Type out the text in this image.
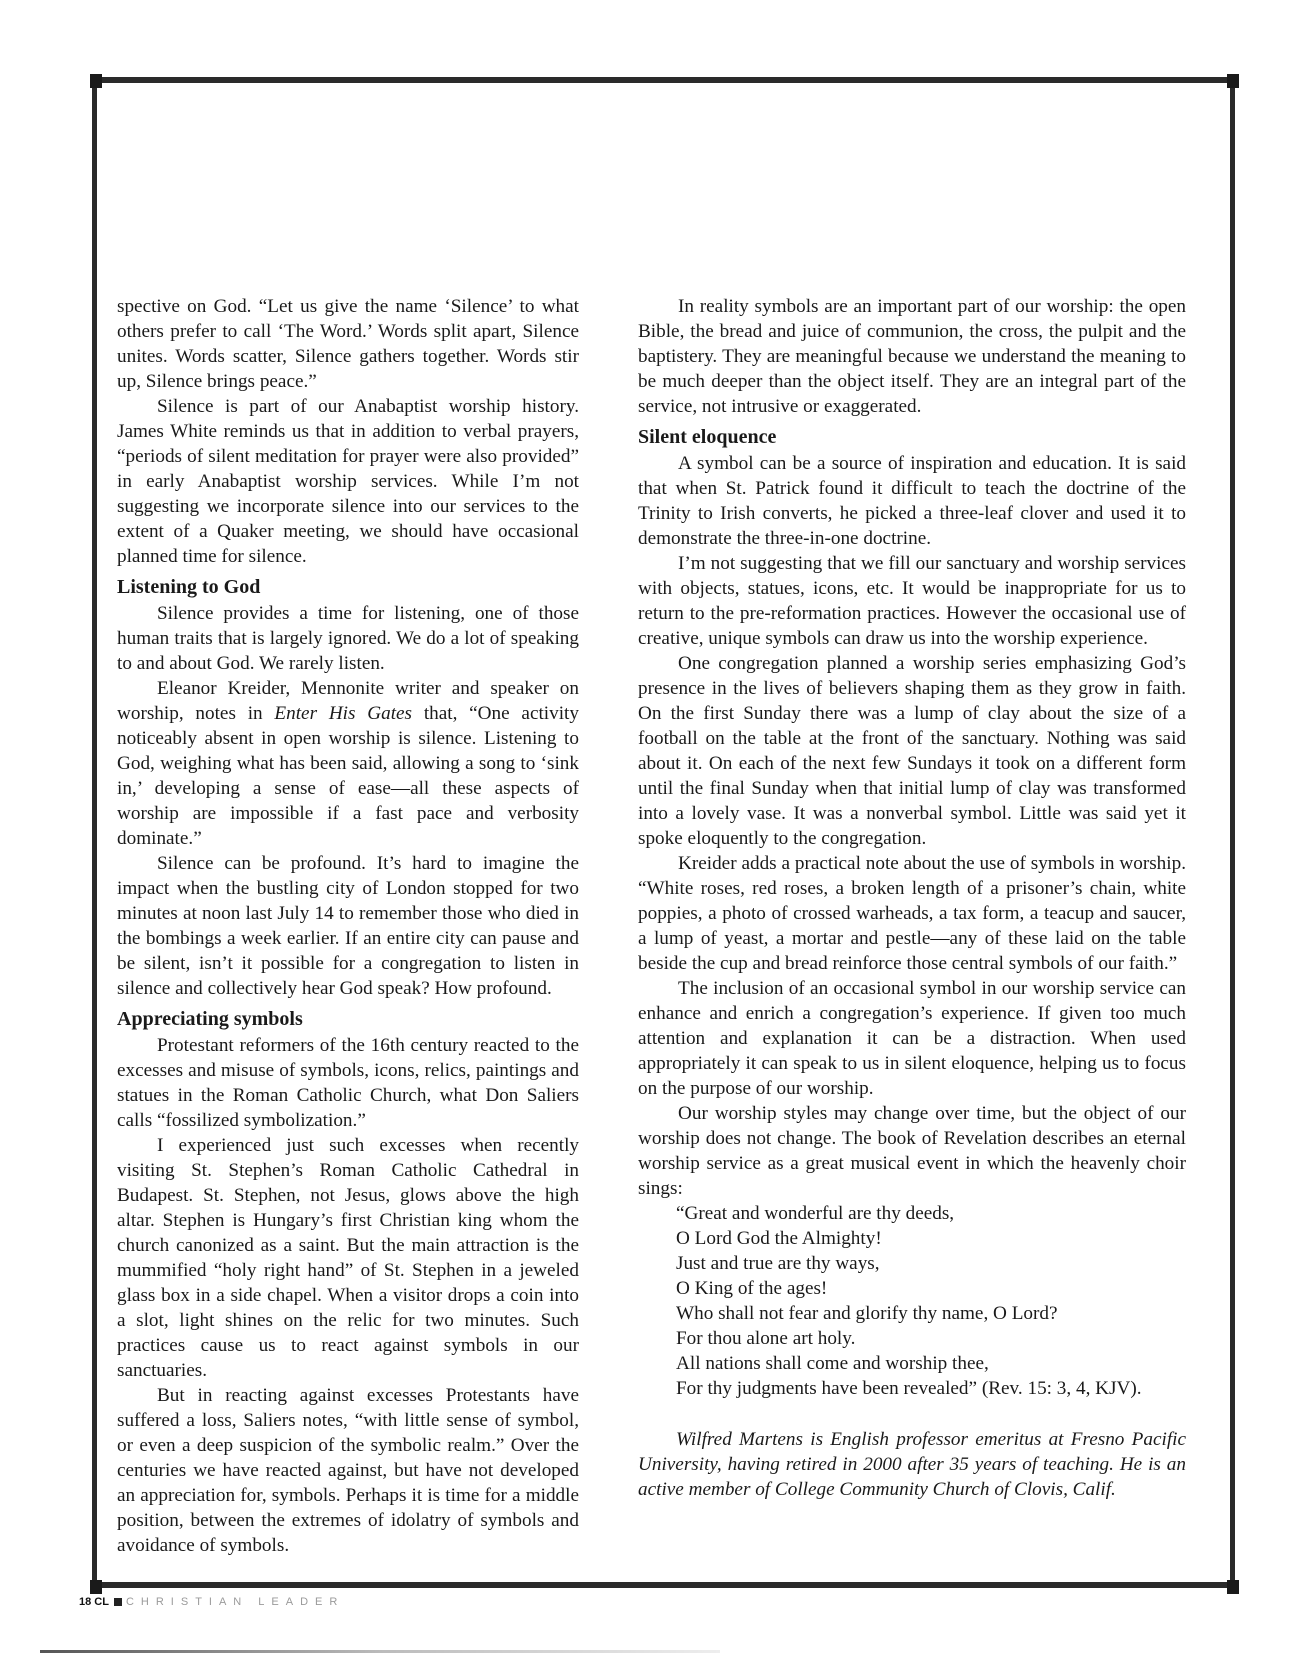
spective on God. “Let us give the name ‘Silence’ to what others prefer to call ‘The Word.’ Words split apart, Silence unites. Words scatter, Silence gathers together. Words stir up, Silence brings peace.”

Silence is part of our Anabaptist worship history. James White reminds us that in addition to verbal prayers, “periods of silent meditation for prayer were also provided” in early Anabaptist worship services. While I’m not suggesting we incorporate silence into our services to the extent of a Quaker meeting, we should have occasional planned time for silence.

Listening to God

Silence provides a time for listening, one of those human traits that is largely ignored. We do a lot of speaking to and about God. We rarely listen.

Eleanor Kreider, Mennonite writer and speaker on worship, notes in Enter His Gates that, “One activity noticeably absent in open worship is silence. Listening to God, weighing what has been said, allowing a song to ‘sink in,’ developing a sense of ease—all these aspects of worship are impossible if a fast pace and verbosity dominate.”

Silence can be profound. It’s hard to imagine the impact when the bustling city of London stopped for two minutes at noon last July 14 to remember those who died in the bombings a week earlier. If an entire city can pause and be silent, isn’t it possible for a congregation to listen in silence and collectively hear God speak? How profound.

Appreciating symbols

Protestant reformers of the 16th century reacted to the excesses and misuse of symbols, icons, relics, paintings and statues in the Roman Catholic Church, what Don Saliers calls “fossilized symbolization.”

I experienced just such excesses when recently visiting St. Stephen’s Roman Catholic Cathedral in Budapest. St. Stephen, not Jesus, glows above the high altar. Stephen is Hungary’s first Christian king whom the church canonized as a saint. But the main attraction is the mummified “holy right hand” of St. Stephen in a jeweled glass box in a side chapel. When a visitor drops a coin into a slot, light shines on the relic for two minutes. Such practices cause us to react against symbols in our sanctuaries.

But in reacting against excesses Protestants have suffered a loss, Saliers notes, “with little sense of symbol, or even a deep suspicion of the symbolic realm.” Over the centuries we have reacted against, but have not developed an appreciation for, symbols. Perhaps it is time for a middle position, between the extremes of idolatry of symbols and avoidance of symbols.

In reality symbols are an important part of our worship: the open Bible, the bread and juice of communion, the cross, the pulpit and the baptistery. They are meaningful because we understand the meaning to be much deeper than the object itself. They are an integral part of the service, not intrusive or exaggerated.

Silent eloquence

A symbol can be a source of inspiration and education. It is said that when St. Patrick found it difficult to teach the doctrine of the Trinity to Irish converts, he picked a three-leaf clover and used it to demonstrate the three-in-one doctrine.

I’m not suggesting that we fill our sanctuary and worship services with objects, statues, icons, etc. It would be inappropriate for us to return to the pre-reformation practices. However the occasional use of creative, unique symbols can draw us into the worship experience.

One congregation planned a worship series emphasizing God’s presence in the lives of believers shaping them as they grow in faith. On the first Sunday there was a lump of clay about the size of a football on the table at the front of the sanctuary. Nothing was said about it. On each of the next few Sundays it took on a different form until the final Sunday when that initial lump of clay was transformed into a lovely vase. It was a nonverbal symbol. Little was said yet it spoke eloquently to the congregation.

Kreider adds a practical note about the use of symbols in worship. “White roses, red roses, a broken length of a prisoner’s chain, white poppies, a photo of crossed warheads, a tax form, a teacup and saucer, a lump of yeast, a mortar and pestle—any of these laid on the table beside the cup and bread reinforce those central symbols of our faith.”

The inclusion of an occasional symbol in our worship service can enhance and enrich a congregation’s experience. If given too much attention and explanation it can be a distraction. When used appropriately it can speak to us in silent eloquence, helping us to focus on the purpose of our worship.

Our worship styles may change over time, but the object of our worship does not change. The book of Revelation describes an eternal worship service as a great musical event in which the heavenly choir sings:

“Great and wonderful are thy deeds,

O Lord God the Almighty!

Just and true are thy ways,

O King of the ages!

Who shall not fear and glorify thy name, O Lord?

For thou alone art holy.

All nations shall come and worship thee,

For thy judgments have been revealed” (Rev. 15: 3, 4, KJV).

Wilfred Martens is English professor emeritus at Fresno Pacific University, having retired in 2000 after 35 years of teaching. He is an active member of College Community Church of Clovis, Calif.

18 CL CHRISTIAN LEADER
